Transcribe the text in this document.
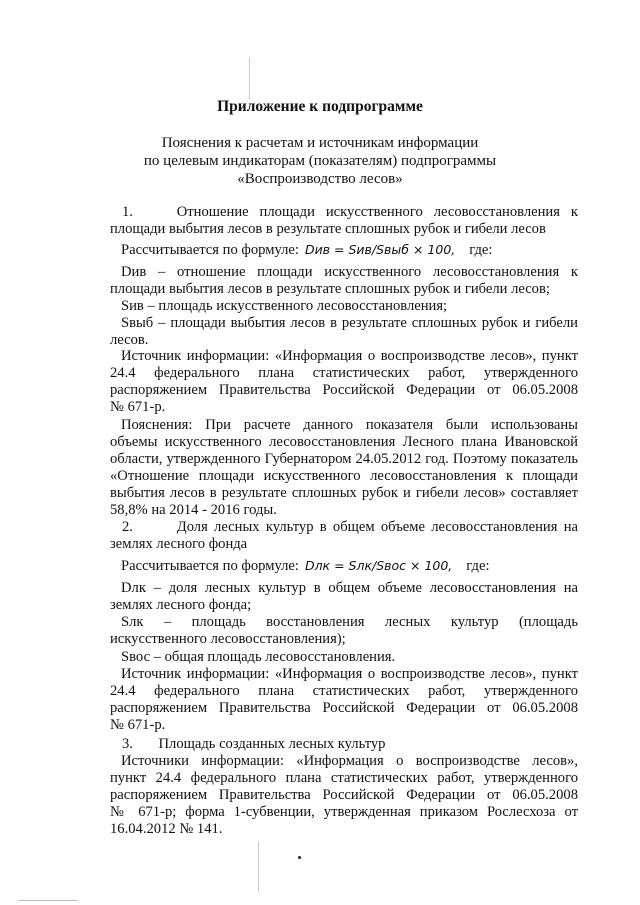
Приложение к подпрограмме
Пояснения к расчетам и источникам информации
по целевым индикаторам (показателям) подпрограммы
«Воспроизводство лесов»
1.	Отношение площади искусственного лесовосстановления к
площади выбытия лесов в результате сплошных рубок и гибели лесов
Рассчитывается по формуле: Dив = Sив/Sвыб × 100, где:
Dив – отношение площади искусственного лесовосстановления к
площади выбытия лесов в результате сплошных рубок и гибели лесов;
Sив – площадь искусственного лесовосстановления;
Sвыб – площади выбытия лесов в результате сплошных рубок и гибели
лесов.
Источник информации: «Информация о воспроизводстве лесов», пункт
24.4 федерального плана статистических работ, утвержденного
распоряжением Правительства Российской Федерации от 06.05.2008
№ 671-р.
Пояснения: При расчете данного показателя были использованы
объемы искусственного лесовосстановления Лесного плана Ивановской
области, утвержденного Губернатором 24.05.2012 год. Поэтому показатель
«Отношение площади искусственного лесовосстановления к площади
выбытия лесов в результате сплошных рубок и гибели лесов» составляет
58,8% на 2014 - 2016 годы.
2.	Доля лесных культур в общем объеме лесовосстановления на
землях лесного фонда
Рассчитывается по формуле: Dлк = Sлк/Sвос × 100, где:
Dлк – доля лесных культур в общем объеме лесовосстановления на
землях лесного фонда;
Sлк – площадь восстановления лесных культур (площадь
искусственного лесовосстановления);
Sвос – общая площадь лесовосстановления.
Источник информации: «Информация о воспроизводстве лесов», пункт
24.4 федерального плана статистических работ, утвержденного
распоряжением Правительства Российской Федерации от 06.05.2008
№ 671-р.
3. Площадь созданных лесных культур
Источники информации: «Информация о воспроизводстве лесов»,
пункт 24.4 федерального плана статистических работ, утвержденного
распоряжением Правительства Российской Федерации от 06.05.2008
№ 671-р; форма 1-субвенции, утвержденная приказом Рослесхоза от
16.04.2012 № 141.
